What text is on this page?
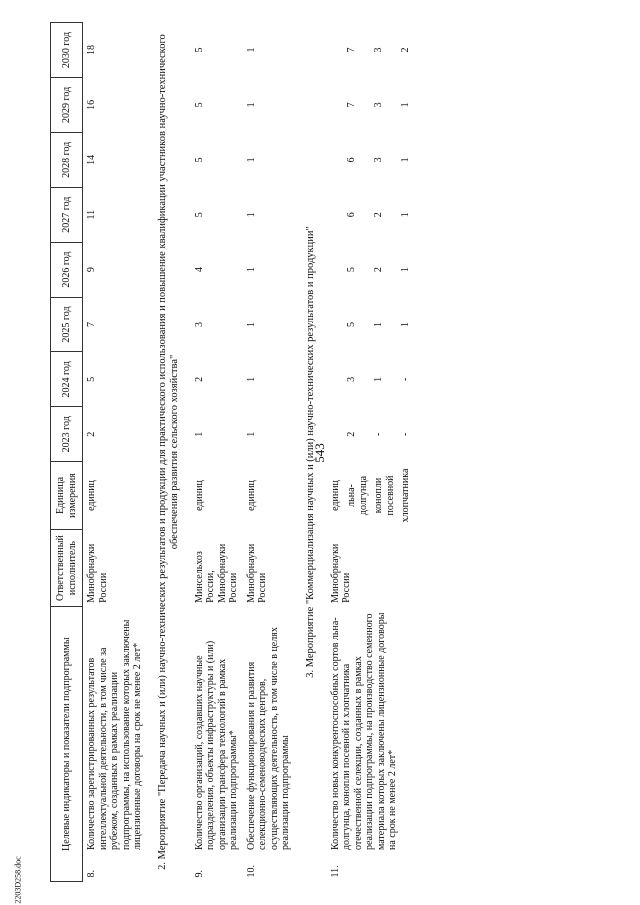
543
2203D258.doc
Целевые индикаторы и показатели подпрограммы		Ответственный исполнитель	Единица измерения	2023 год	2024 год	2025 год	2026 год	2027 год	2028 год	2029 год	2030 год
8.	Количество зарегистрированных результатов интеллектуальной деятельности, в том числе за рубежом, созданных в рамках реализации подпрограммы, на использование которых заключены лицензионные договоры на срок не менее 2 лет*	Минобрнауки России	единиц	2	5	7	9	11	14	16	18
2. Мероприятие "Передача научных и (или) научно-технических результатов и продукции для практического использования и повышение квалификации участников научно-технического обеспечения развития сельского хозяйства"											
9.	Количество организаций, создавших научные подразделения, объекты инфраструктуры и (или) организации трансфера технологий в рамках реализации подпрограммы*	Минсельхоз России, Минобрнауки России	единиц	1	2	3	4	5	5	5	5
10.	Обеспечение функционирования и развития селекционно-семеноводческих центров, осуществляющих деятельность, в том числе в целях реализации подпрограммы	Минобрнауки России	единиц	1	1	1	1	1	1	1	1
3. Мероприятие "Коммерциализация научных и (или) научно-технических результатов и продукции"											
11.	Количество новых конкурентоспособных сортов льна-долгунца, конопли посевной и хлопчатника отечественной селекции, созданных в рамках реализации подпрограммы, на производство семенного материала которых заключены лицензионные договоры на срок не менее 2 лет*	Минобрнауки России	единиц								
			льна-долгунца	2	3	5	5	6	6	7	7
			конопли посевной	-	1	1	2	2	3	3	3
			хлопчатника	-	-	1	1	1	1	1	2
